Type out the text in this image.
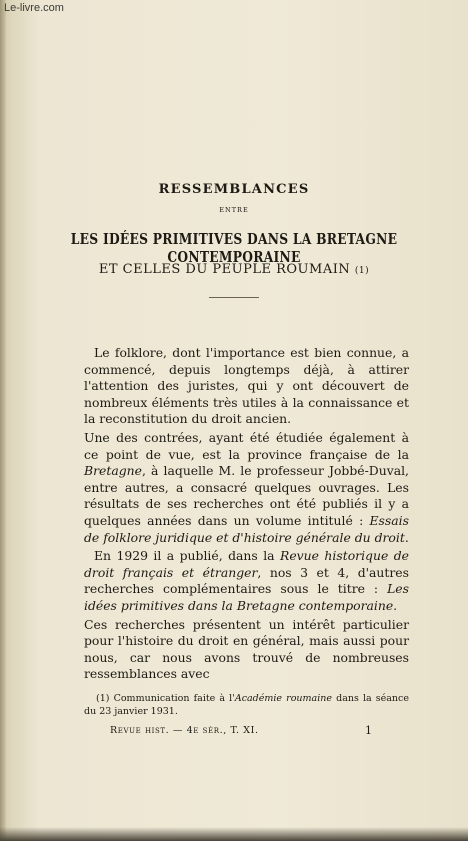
Le-livre.com
RESSEMBLANCES
ENTRE
LES IDÉES PRIMITIVES DANS LA BRETAGNE CONTEMPORAINE
ET CELLES DU PEUPLE ROUMAIN (1)

Le folklore, dont l'importance est bien connue, a commencé, depuis longtemps déjà, à attirer l'attention des juristes, qui y ont découvert de nombreux éléments très utiles à la connaissance et la reconstitution du droit ancien.

Une des contrées, ayant été étudiée également à ce point de vue, est la province française de la Bretagne, à laquelle M. le professeur Jobbé-Duval, entre autres, a consacré quelques ouvrages. Les résultats de ses recherches ont été publiés il y a quelques années dans un volume intitulé : Essais de folklore juridique et d'histoire générale du droit.

En 1929 il a publié, dans la Revue historique de droit français et étranger, nos 3 et 4, d'autres recherches complémentaires sous le titre : Les idées primitives dans la Bretagne contemporaine.

Ces recherches présentent un intérêt particulier pour l'histoire du droit en général, mais aussi pour nous, car nous avons trouvé de nombreuses ressemblances avec

(1) Communication faite à l'Académie roumaine dans la séance du 23 janvier 1931.

Revue hist. — 4e sér., T. XI.	1
